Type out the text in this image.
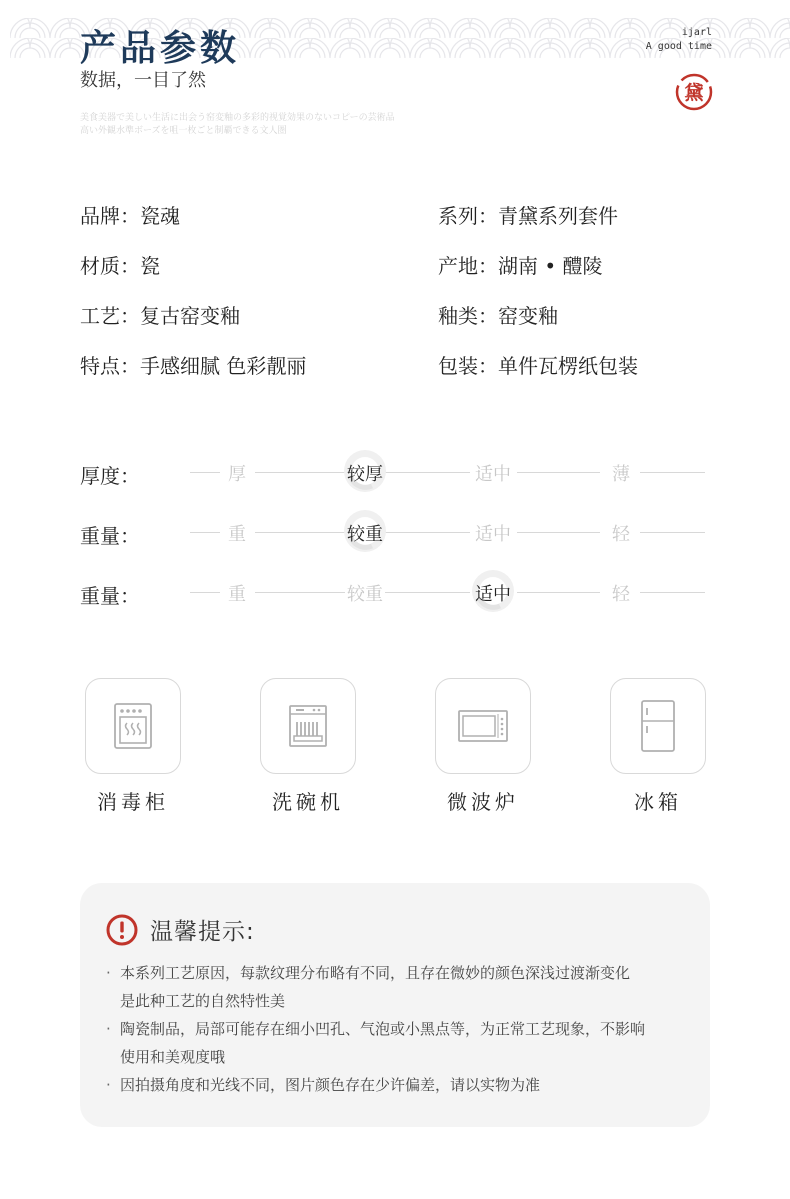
产品参数
数据，一目了然
美食美器で美しい生活に出会う窑変釉の多彩的视覚効果のないコピーの芸術品
高い外観水準ボーズを咀一枚ごと制覇できる文人圏
ijarl
A good time
黛
品牌：瓷魂	系列：青黛系列套件
材质：瓷	产地：湖南 • 醴陵
工艺：复古窑变釉	釉类：窑变釉
特点：手感细腻 色彩靓丽	包装：单件瓦楞纸包装
厚度：	厚	较厚	适中	薄
重量：	重	较重	适中	轻
重量：	重	较重	适中	轻
消毒柜	洗碗机	微波炉	冰箱
温馨提示:
· 本系列工艺原因，每款纹理分布略有不同，且存在微妙的颜色深浅过渡渐变化
是此种工艺的自然特性美
· 陶瓷制品，局部可能存在细小凹孔、气泡或小黑点等，为正常工艺现象，不影响
使用和美观度哦
· 因拍摄角度和光线不同，图片颜色存在少许偏差，请以实物为准
